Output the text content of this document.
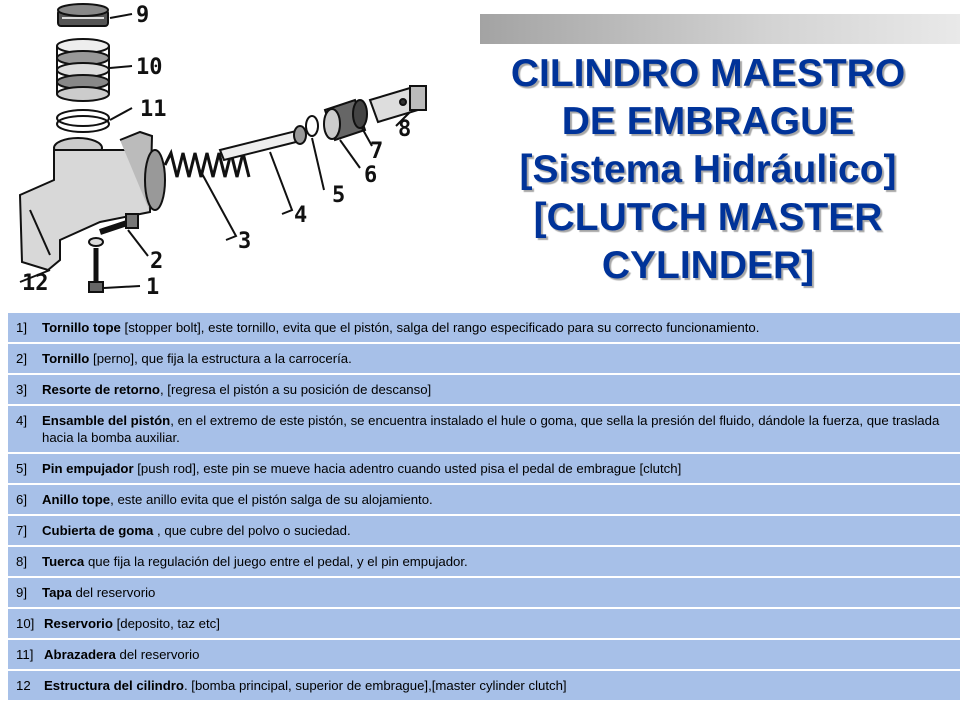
CILINDRO MAESTRO
DE EMBRAGUE
[Sistema Hidráulico]
[CLUTCH MASTER
CYLINDER]
9
10
11
12	1
2
3
4
5
6
7
8
1]	Tornillo tope [stopper bolt], este tornillo, evita que el pistón, salga del rango especificado para su correcto funcionamiento.
2]	Tornillo [perno], que fija la estructura a la carrocería.
3]	Resorte de retorno, [regresa el pistón a su posición de descanso]
4]	Ensamble del pistón, en el extremo de este pistón, se encuentra instalado el hule o goma, que sella la presión del fluido, dándole la fuerza, que traslada hacia la bomba auxiliar.
5]	Pin empujador [push rod], este pin se mueve hacia adentro cuando usted pisa el pedal de embrague [clutch]
6]	Anillo tope, este anillo evita que el pistón salga de su alojamiento.
7]	Cubierta de goma , que cubre del polvo o suciedad.
8]	Tuerca que fija la regulación del juego entre el pedal, y el pin empujador.
9]	Tapa del reservorio
10] Reservorio [deposito, taz etc]
11] Abrazadera del reservorio
12	Estructura del cilindro. [bomba principal, superior de embrague],[master cylinder clutch]
